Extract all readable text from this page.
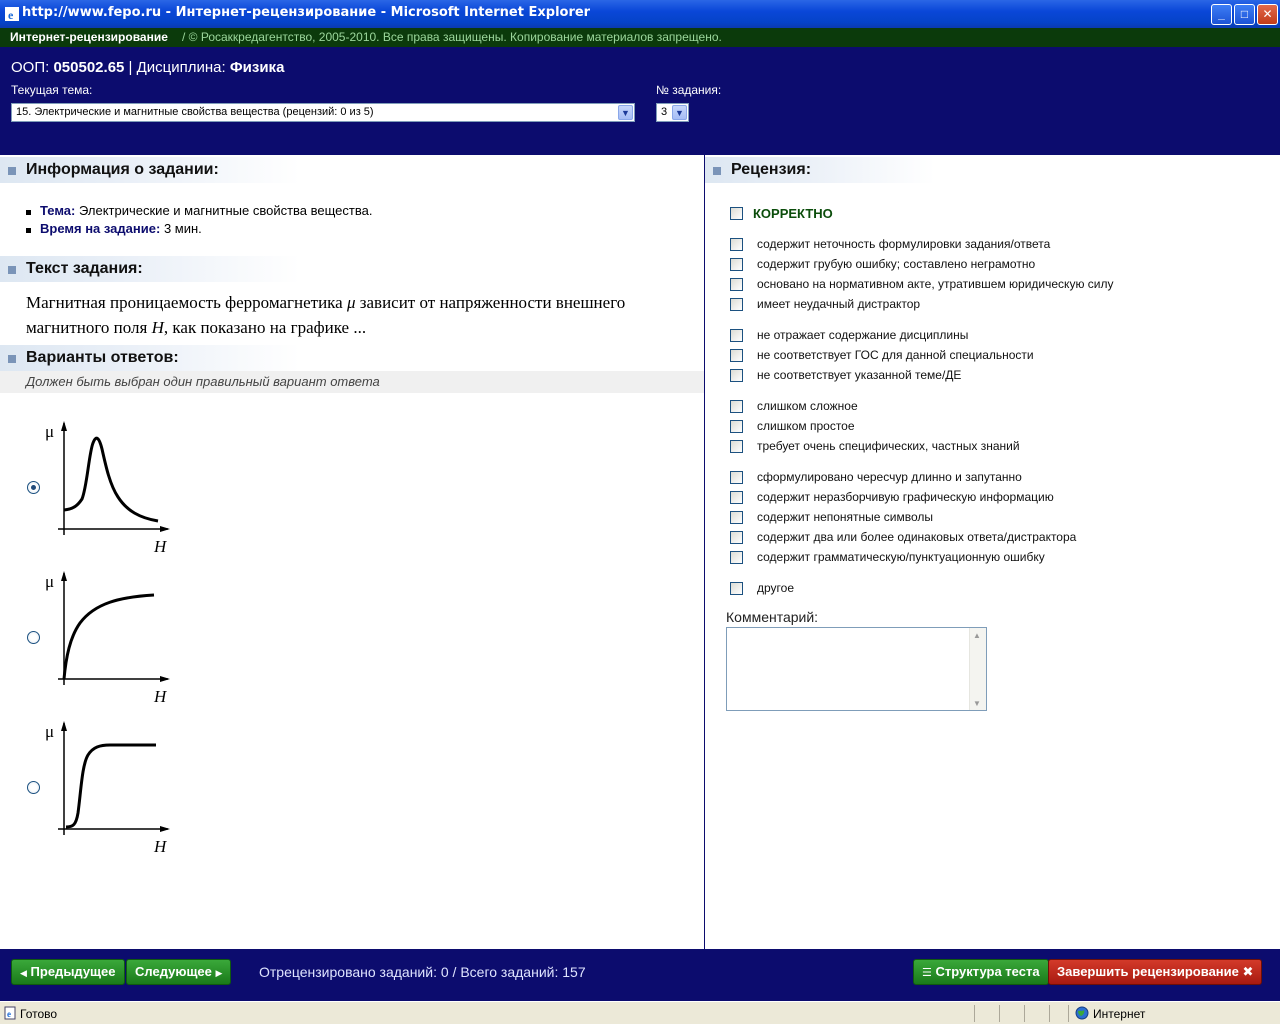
e http://www.fepo.ru - Интернет-рецензирование - Microsoft Internet Explorer	_	□	✕
Интернет-рецензирование / © Росаккредагентство, 2005-2010. Все права защищены. Копирование материалов запрещено.
ООП: 050502.65 | Дисциплина: Физика
Текущая тема:
15. Электрические и магнитные свойства вещества (рецензий: 0 из 5)	▼
№ задания:
3 ▼
Информация о задании:
Тема: Электрические и магнитные свойства вещества.
Время на задание: 3 мин.
Текст задания:
Магнитная проницаемость ферромагнетика μ зависит от напряженности внешнего магнитного поля H, как показано на графике ...
Варианты ответов:
Должен быть выбран один правильный вариант ответа
μ
H
μ
H
μ
H
Рецензия:
КОРРЕКТНО
Комментарий:
▲
▼
содержит неточность формулировки задания/ответа
содержит грубую ошибку; составлено неграмотно
основано на нормативном акте, утратившем юридическую силу
имеет неудачный дистрактор
не отражает содержание дисциплины
не соответствует ГОС для данной специальности
не соответствует указанной теме/ДЕ
слишком сложное
слишком простое
требует очень специфических, частных знаний
сформулировано чересчур длинно и запутанно
содержит неразборчивую графическую информацию
содержит непонятные символы
содержит два или более одинаковых ответа/дистрактора
содержит грамматическую/пунктуационную ошибку
другое
◀ Предыдущее	Следующее ▶	Отрецензировано заданий: 0 / Всего заданий: 157	☰ Структура теста	Завершить рецензирование ✖
e Готово	Интернет
